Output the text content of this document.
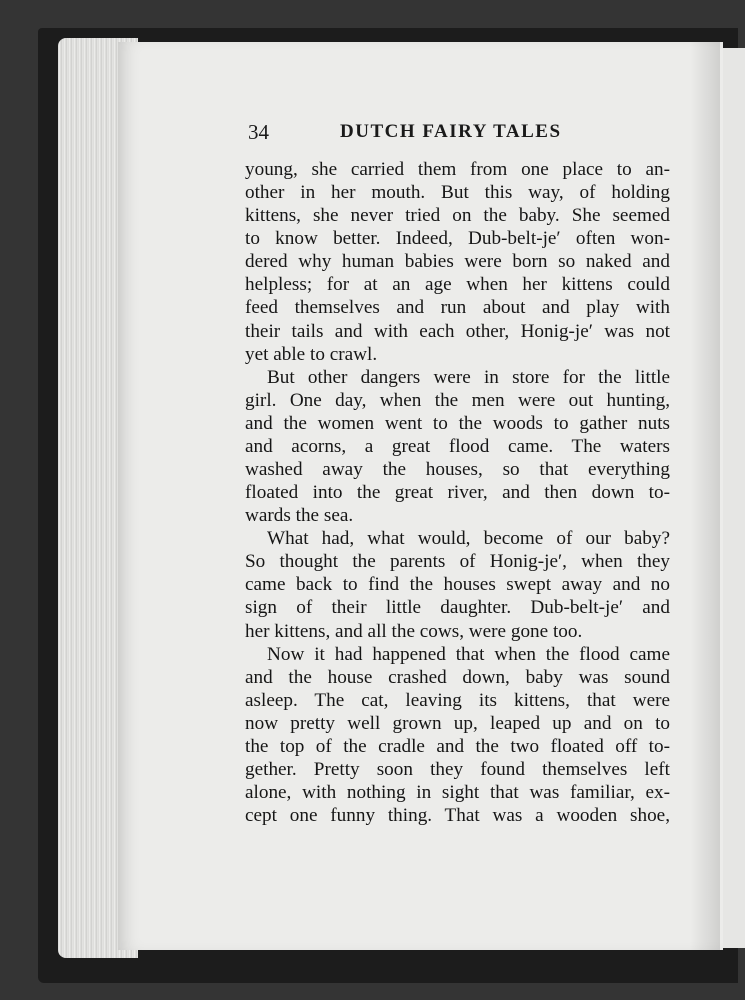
34	DUTCH FAIRY TALES
young, she carried them from one place to an-
other in her mouth. But this way, of holding
kittens, she never tried on the baby. She seemed
to know better. Indeed, Dub-belt-je′ often won-
dered why human babies were born so naked and
helpless; for at an age when her kittens could
feed themselves and run about and play with
their tails and with each other, Honig-je′ was not
yet able to crawl.
But other dangers were in store for the little
girl. One day, when the men were out hunting,
and the women went to the woods to gather nuts
and acorns, a great flood came. The waters
washed away the houses, so that everything
floated into the great river, and then down to-
wards the sea.
What had, what would, become of our baby?
So thought the parents of Honig-je′, when they
came back to find the houses swept away and no
sign of their little daughter. Dub-belt-je′ and
her kittens, and all the cows, were gone too.
Now it had happened that when the flood came
and the house crashed down, baby was sound
asleep. The cat, leaving its kittens, that were
now pretty well grown up, leaped up and on to
the top of the cradle and the two floated off to-
gether. Pretty soon they found themselves left
alone, with nothing in sight that was familiar, ex-
cept one funny thing. That was a wooden shoe,
